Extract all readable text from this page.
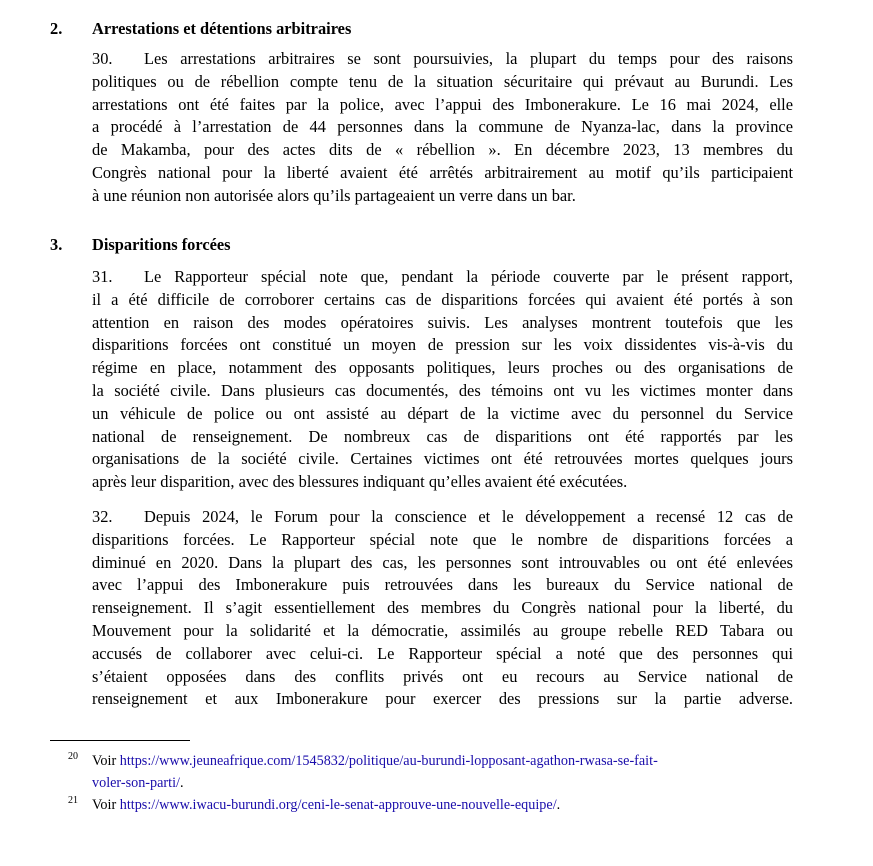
2. Arrestations et détentions arbitraires
30. Les arrestations arbitraires se sont poursuivies, la plupart du temps pour des raisons
politiques ou de rébellion compte tenu de la situation sécuritaire qui prévaut au Burundi. Les
arrestations ont été faites par la police, avec l’appui des Imbonerakure. Le 16 mai 2024, elle
a procédé à l’arrestation de 44 personnes dans la commune de Nyanza-lac, dans la province
de Makamba, pour des actes dits de « rébellion ». En décembre 2023, 13 membres du
Congrès national pour la liberté avaient été arrêtés arbitrairement au motif qu’ils participaient
à une réunion non autorisée alors qu’ils partageaient un verre dans un bar.
3. Disparitions forcées
31. Le Rapporteur spécial note que, pendant la période couverte par le présent rapport,
il a été difficile de corroborer certains cas de disparitions forcées qui avaient été portés à son
attention en raison des modes opératoires suivis. Les analyses montrent toutefois que les
disparitions forcées ont constitué un moyen de pression sur les voix dissidentes vis-à-vis du
régime en place, notamment des opposants politiques, leurs proches ou des organisations de
la société civile. Dans plusieurs cas documentés, des témoins ont vu les victimes monter dans
un véhicule de police ou ont assisté au départ de la victime avec du personnel du Service
national de renseignement. De nombreux cas de disparitions ont été rapportés par les
organisations de la société civile. Certaines victimes ont été retrouvées mortes quelques jours
après leur disparition, avec des blessures indiquant qu’elles avaient été exécutées.
32. Depuis 2024, le Forum pour la conscience et le développement a recensé 12 cas de
disparitions forcées. Le Rapporteur spécial note que le nombre de disparitions forcées a
diminué en 2020. Dans la plupart des cas, les personnes sont introuvables ou ont été enlevées
avec l’appui des Imbonerakure puis retrouvées dans les bureaux du Service national de
renseignement. Il s’agit essentiellement des membres du Congrès national pour la liberté, du
Mouvement pour la solidarité et la démocratie, assimilés au groupe rebelle RED Tabara ou
accusés de collaborer avec celui-ci. Le Rapporteur spécial a noté que des personnes qui
s’étaient opposées dans des conflits privés ont eu recours au Service national de
renseignement et aux Imbonerakure pour exercer des pressions sur la partie adverse.
20 Voir https://www.jeuneafrique.com/1545832/politique/au-burundi-lopposant-agathon-rwasa-se-fait-
voler-son-parti/.
21 Voir https://www.iwacu-burundi.org/ceni-le-senat-approuve-une-nouvelle-equipe/.
